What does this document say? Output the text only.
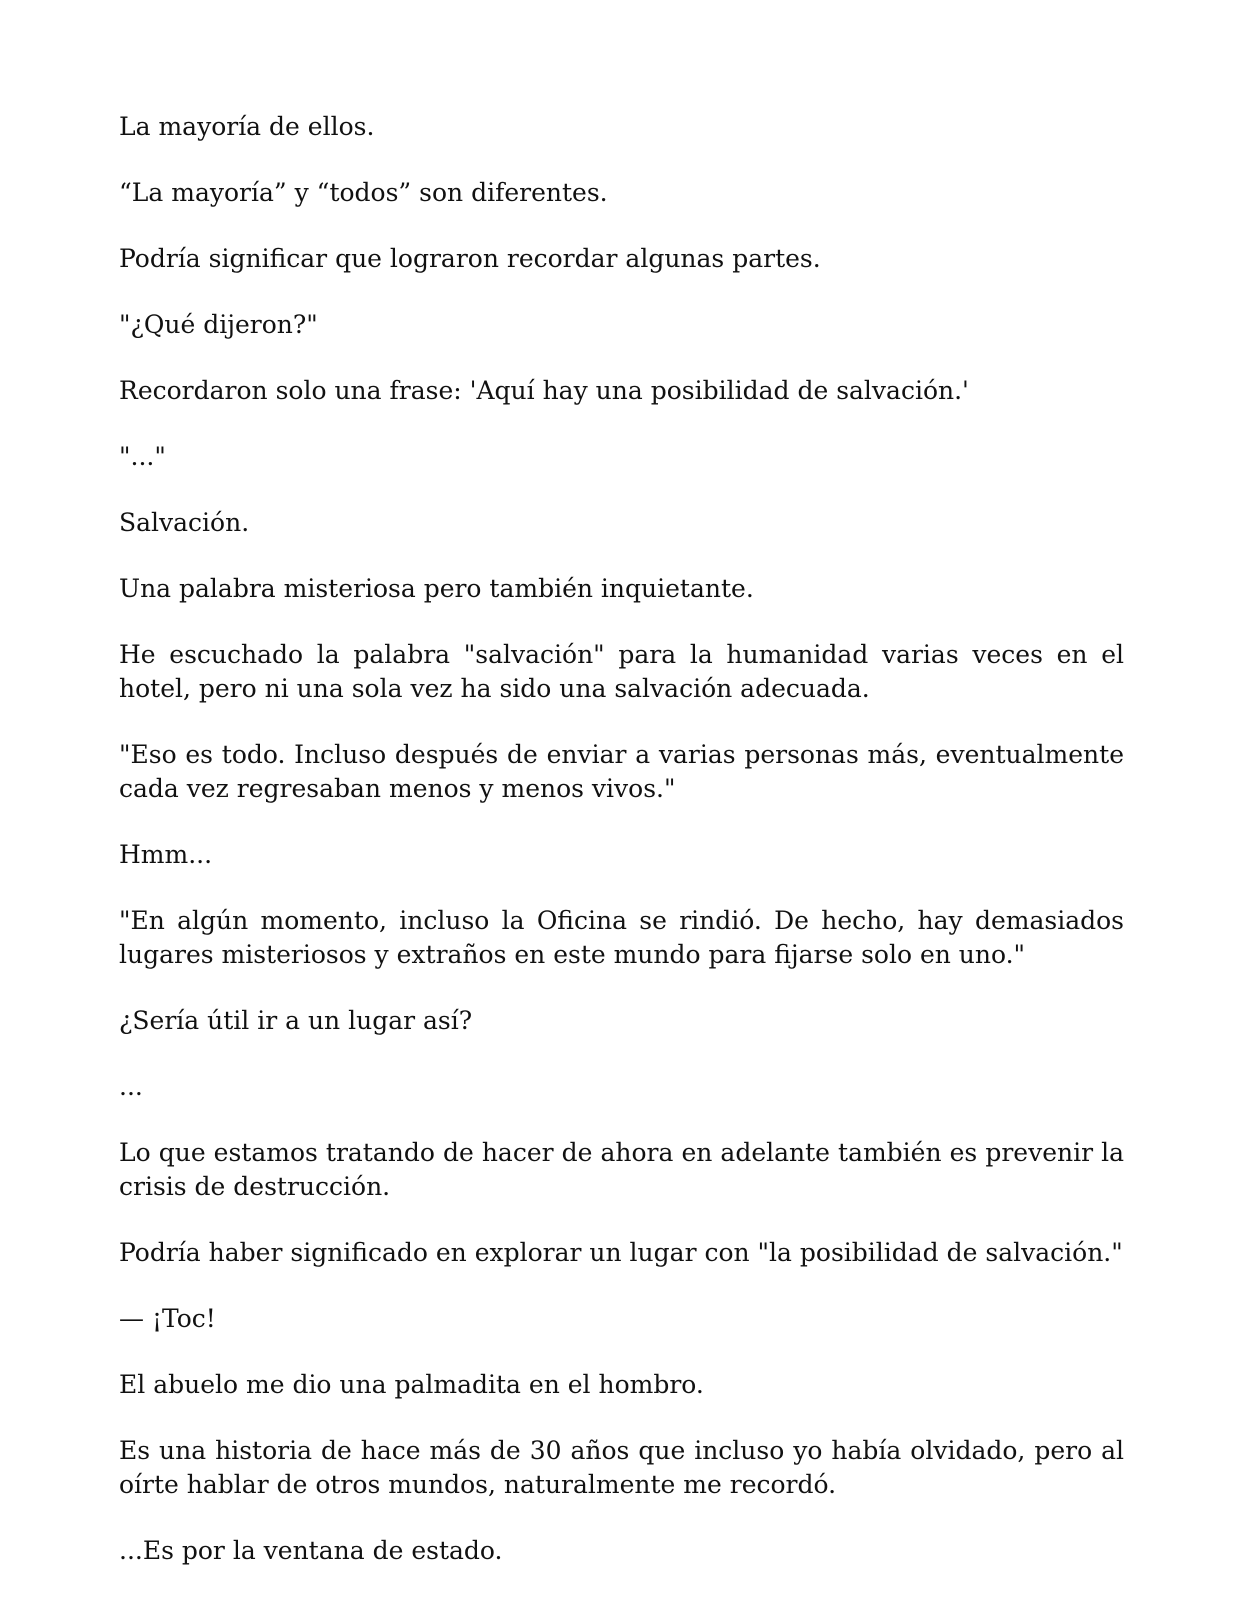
La mayoría de ellos.

“La mayoría” y “todos” son diferentes.

Podría significar que lograron recordar algunas partes.

"¿Qué dijeron?"

Recordaron solo una frase: 'Aquí hay una posibilidad de salvación.'

"..."

Salvación.

Una palabra misteriosa pero también inquietante.

He escuchado la palabra "salvación" para la humanidad varias veces en el hotel, pero ni una sola vez ha sido una salvación adecuada.

"Eso es todo. Incluso después de enviar a varias personas más, eventualmente cada vez regresaban menos y menos vivos."

Hmm...

"En algún momento, incluso la Oficina se rindió. De hecho, hay demasiados lugares misteriosos y extraños en este mundo para fijarse solo en uno."

¿Sería útil ir a un lugar así?

...

Lo que estamos tratando de hacer de ahora en adelante también es prevenir la crisis de destrucción.

Podría haber significado en explorar un lugar con "la posibilidad de salvación."

— ¡Toc!

El abuelo me dio una palmadita en el hombro.

Es una historia de hace más de 30 años que incluso yo había olvidado, pero al oírte hablar de otros mundos, naturalmente me recordó.

...Es por la ventana de estado.
